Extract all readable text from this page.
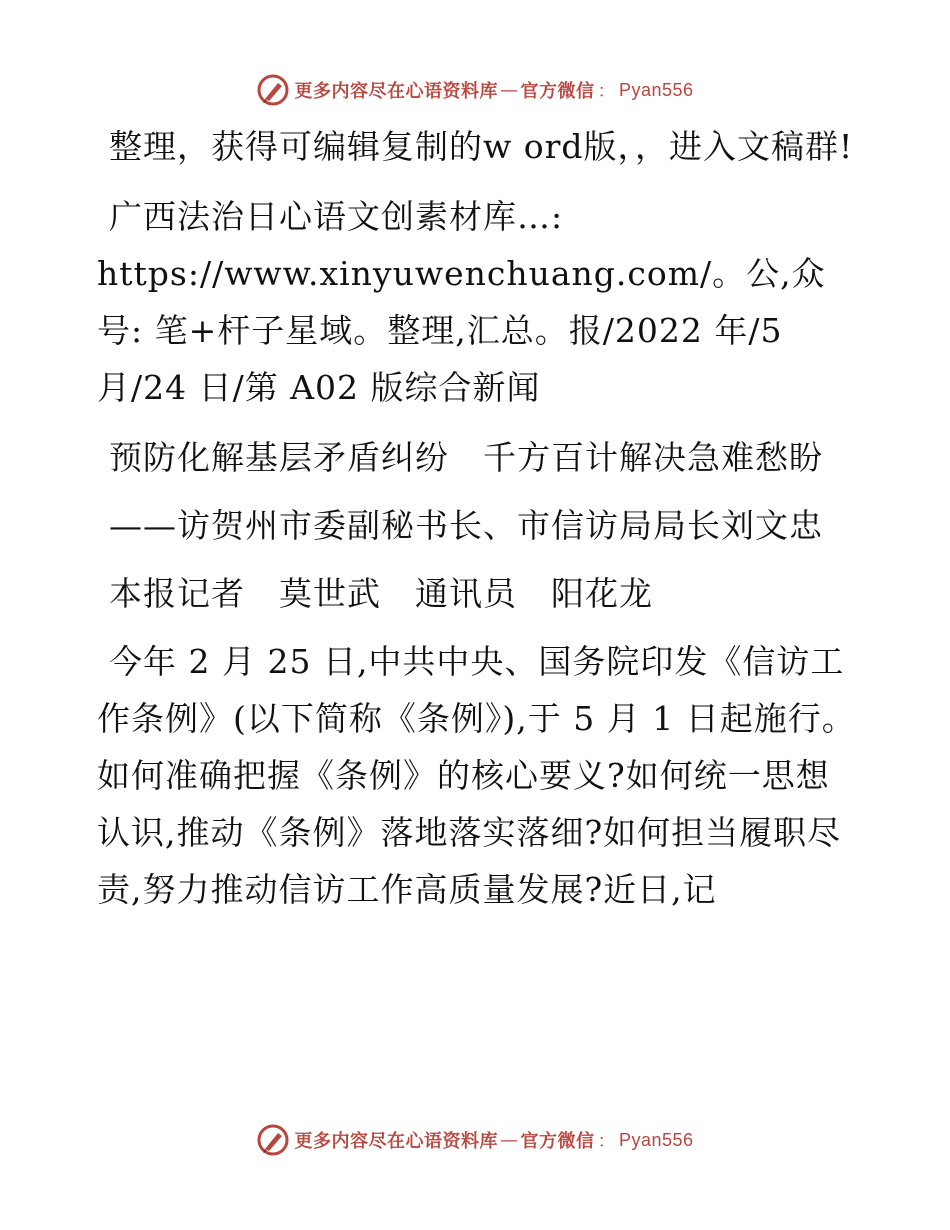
更多内容尽在心语资料库 — 官方微信 ： Pyan556

整理，获得可编辑复制的w ord版，，进入文稿群!

广西法治日心语文创素材库…: https://www.xinyuwenchuang.com/。公,众号: 笔+杆子星域。整理,汇总。报/2022 年/5 月/24 日/第 A02 版综合新闻

预防化解基层矛盾纠纷　千方百计解决急难愁盼

——访贺州市委副秘书长、市信访局局长刘文忠

本报记者　莫世武　通讯员　阳花龙

今年 2 月 25 日,中共中央、国务院印发《信访工作条例》(以下简称《条例》),于 5 月 1 日起施行。如何准确把握《条例》的核心要义?如何统一思想认识,推动《条例》落地落实落细?如何担当履职尽责,努力推动信访工作高质量发展?近日,记

更多内容尽在心语资料库 — 官方微信 ： Pyan556
